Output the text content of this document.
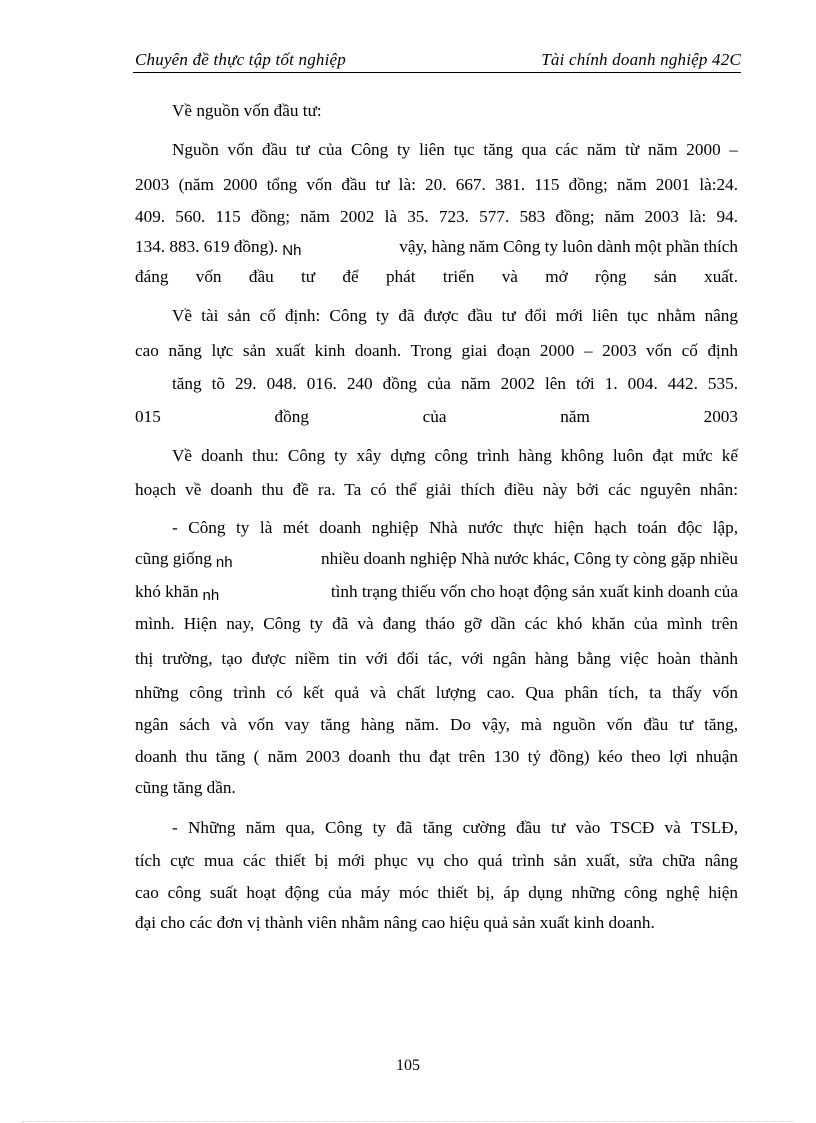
Chuyên đề thực tập tốt nghiệp	Tài chính doanh nghiệp 42C
Về nguồn vốn đầu tư:
Nguồn vốn đầu tư của Công ty liên tục tăng qua các năm từ năm 2000 –
2003 (năm 2000 tổng vốn đầu tư là: 20. 667. 381. 115 đồng; năm 2001 là:24.
409. 560. 115 đồng; năm 2002 là 35. 723. 577. 583 đồng; năm 2003 là: 94.
134. 883. 619 đồng). Nh	vậy, hàng năm Công ty luôn dành một phần thích
đáng vốn đầu tư để phát triển và mở rộng sản xuất.
Về tài sản cố định: Công ty đã được đầu tư đổi mới liên tục nhằm nâng
cao năng lực sản xuất kinh doanh. Trong giai đoạn 2000 – 2003 vốn cố định
tăng tõ 29. 048. 016. 240 đồng của năm 2002 lên tới 1. 004. 442. 535.
015 đồng của năm 2003
Về doanh thu: Công ty xây dựng công trình hàng không luôn đạt mức kế
hoạch về doanh thu đề ra. Ta có thể giải thích điều này bởi các nguyên nhân:
- Công ty là mét doanh nghiệp Nhà nước thực hiện hạch toán độc lập,
cũng giống nh	nhiều doanh nghiệp Nhà nước khác, Công ty còng gặp nhiều
khó khăn nh	tình trạng thiếu vốn cho hoạt động sản xuất kinh doanh của
mình. Hiện nay, Công ty đã và đang tháo gỡ dần các khó khăn của mình trên
thị trường, tạo được niềm tin với đối tác, với ngân hàng bằng việc hoàn thành
những công trình có kết quả và chất lượng cao. Qua phân tích, ta thấy vốn
ngân sách và vốn vay tăng hàng năm. Do vậy, mà nguồn vốn đầu tư tăng,
doanh thu tăng ( năm 2003 doanh thu đạt trên 130 tỷ đồng) kéo theo lợi nhuận
cũng tăng dần.
- Những năm qua, Công ty đã tăng cường đầu tư vào TSCĐ và TSLĐ,
tích cực mua các thiết bị mới phục vụ cho quá trình sản xuất, sửa chữa nâng
cao công suất hoạt động của máy móc thiết bị, áp dụng những công nghệ hiện
đại cho các đơn vị thành viên nhằm nâng cao hiệu quả sản xuất kinh doanh.
105
